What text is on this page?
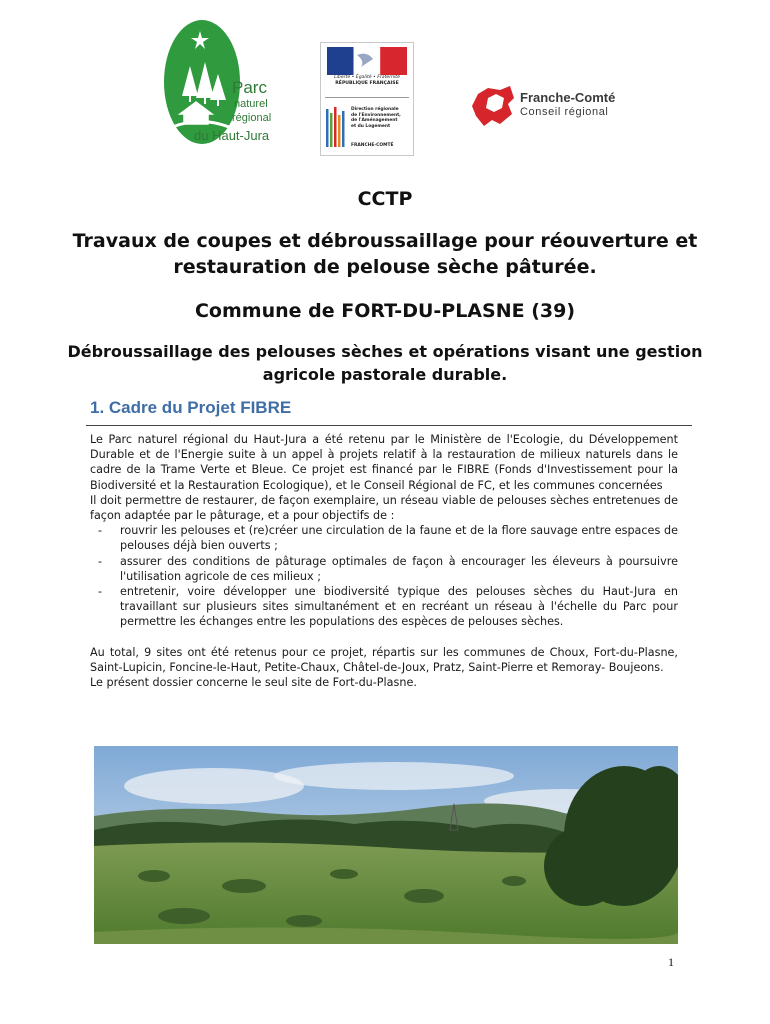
Parc
naturel
régional
du Haut-Jura
Liberté • Égalité • Fraternité
RÉPUBLIQUE FRANÇAISE
Direction régionale
de l'Environnement,
de l'Aménagement
et du Logement
FRANCHE-COMTÉ
Franche-Comté
Conseil régional
CCTP
Travaux de coupes et débroussaillage pour réouverture et restauration de pelouse sèche pâturée.
Commune de FORT-DU-PLASNE (39)
Débroussaillage des pelouses sèches et opérations visant une gestion agricole pastorale durable.
1. Cadre du Projet FIBRE

Le Parc naturel régional du Haut-Jura a été retenu par le Ministère de l'Ecologie, du Développement Durable et de l'Energie suite à un appel à projets relatif à la restauration de milieux naturels dans le cadre de la Trame Verte et Bleue. Ce projet est financé par le FIBRE (Fonds d'Investissement pour la Biodiversité et la Restauration Ecologique), et le Conseil Régional de FC, et les communes concernées

Il doit permettre de restaurer, de façon exemplaire, un réseau viable de pelouses sèches entretenues de façon adaptée par le pâturage, et a pour objectifs de :

- rouvrir les pelouses et (re)créer une circulation de la faune et de la flore sauvage entre espaces de pelouses déjà bien ouverts ;
- assurer des conditions de pâturage optimales de façon à encourager les éleveurs à poursuivre l'utilisation agricole de ces milieux ;
- entretenir, voire développer une biodiversité typique des pelouses sèches du Haut-Jura en travaillant sur plusieurs sites simultanément et en recréant un réseau à l'échelle du Parc pour permettre les échanges entre les populations des espèces de pelouses sèches.

Au total, 9 sites ont été retenus pour ce projet, répartis sur les communes de Choux, Fort-du-Plasne, Saint-Lupicin, Foncine-le-Haut, Petite-Chaux, Châtel-de-Joux, Pratz, Saint-Pierre et Remoray- Boujeons.

Le présent dossier concerne le seul site de Fort-du-Plasne.

1
